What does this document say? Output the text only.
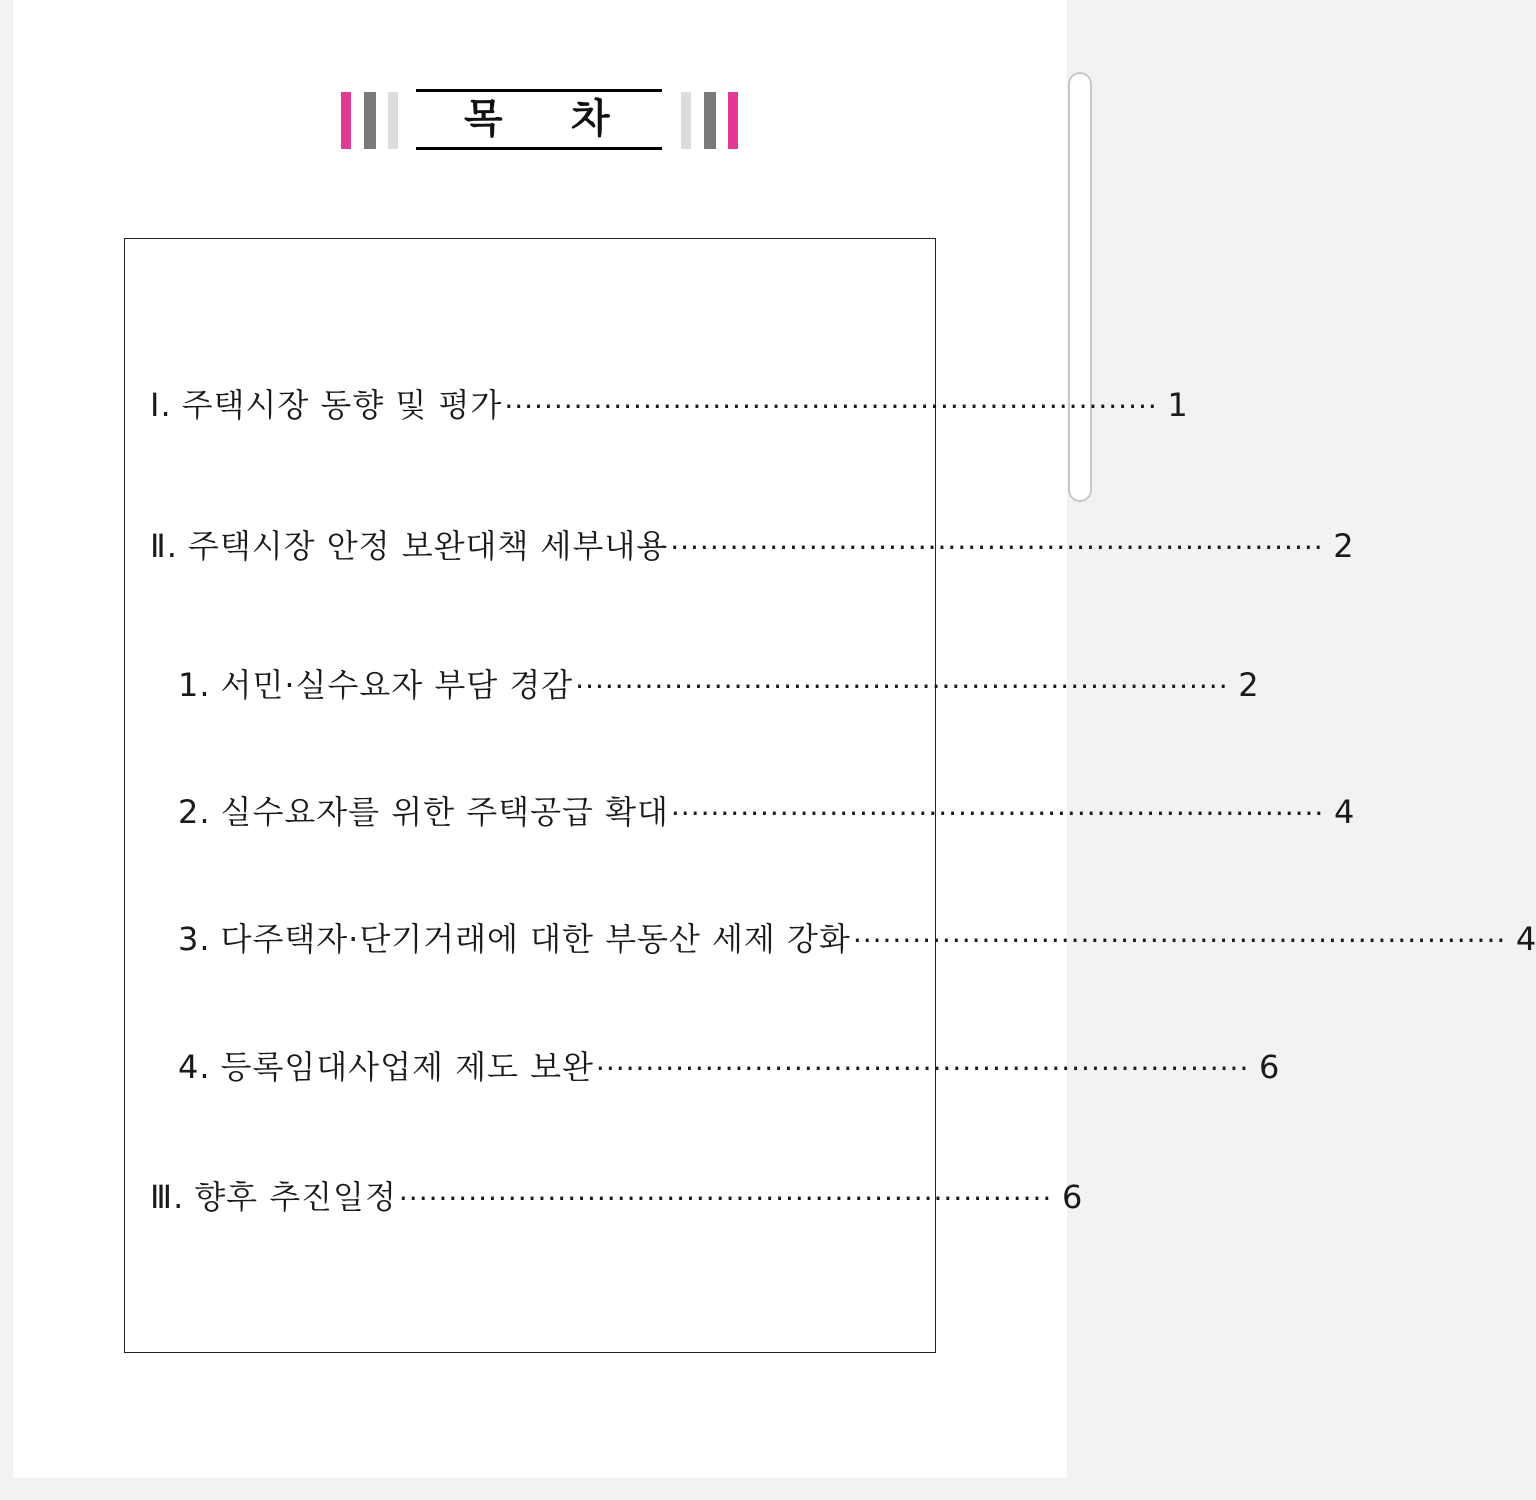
목 차
Ⅰ. 주택시장 동향 및 평가 ·································································· 1
Ⅱ. 주택시장 안정 보완대책 세부내용 ·································································· 2
1. 서민·실수요자 부담 경감 ·································································· 2
2. 실수요자를 위한 주택공급 확대 ·································································· 4
3. 다주택자·단기거래에 대한 부동산 세제 강화 ·································································· 4
4. 등록임대사업제 제도 보완 ·································································· 6
Ⅲ. 향후 추진일정 ·································································· 6
